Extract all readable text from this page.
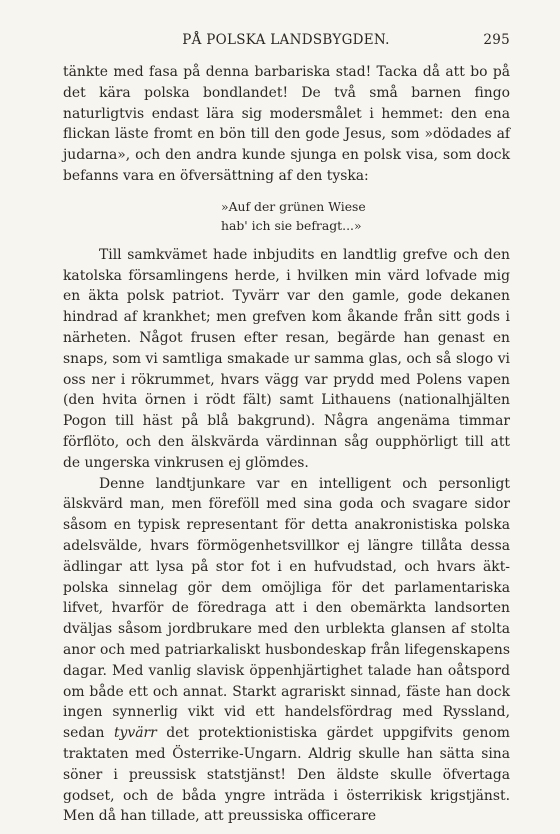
PÅ POLSKA LANDSBYGDEN.	295

tänkte med fasa på denna barbariska stad! Tacka då att bo på det kära polska bondlandet! De två små barnen fingo naturligtvis endast lära sig modersmålet i hemmet: den ena flickan läste fromt en bön till den gode Jesus, som »dödades af judarna», och den andra kunde sjunga en polsk visa, som dock befanns vara en öfversättning af den tyska:

»Auf der grünen Wiese
hab' ich sie befragt...»

Till samkvämet hade inbjudits en landtlig grefve och den katolska församlingens herde, i hvilken min värd lofvade mig en äkta polsk patriot. Tyvärr var den gamle, gode dekanen hindrad af krankhet; men grefven kom åkande från sitt gods i närheten. Något frusen efter resan, begärde han genast en snaps, som vi samtliga smakade ur samma glas, och så slogo vi oss ner i rökrummet, hvars vägg var prydd med Polens vapen (den hvita örnen i rödt fält) samt Lithauens (nationalhjälten Pogon till häst på blå bakgrund). Några angenäma timmar förflöto, och den älskvärda värdinnan såg oupphörligt till att de ungerska vinkrusen ej glömdes.

Denne landtjunkare var en intelligent och personligt älskvärd man, men föreföll med sina goda och svagare sidor såsom en typisk representant för detta anakronistiska polska adelsvälde, hvars förmögenhetsvillkor ej längre tillåta dessa ädlingar att lysa på stor fot i en hufvudstad, och hvars äkt-polska sinnelag gör dem omöjliga för det parlamentariska lifvet, hvarför de föredraga att i den obemärkta landsorten dväljas såsom jordbrukare med den urblekta glansen af stolta anor och med patriarkaliskt husbondeskap från lifegenskapens dagar. Med vanlig slavisk öppenhjärtighet talade han oåtspord om både ett och annat. Starkt agrariskt sinnad, fäste han dock ingen synnerlig vikt vid ett handelsfördrag med Ryssland, sedan tyvärr det protektionistiska gärdet uppgifvits genom traktaten med Österrike-Ungarn. Aldrig skulle han sätta sina söner i preussisk statstjänst! Den äldste skulle öfvertaga godset, och de båda yngre inträda i österrikisk krigstjänst. Men då han tillade, att preussiska officerare
